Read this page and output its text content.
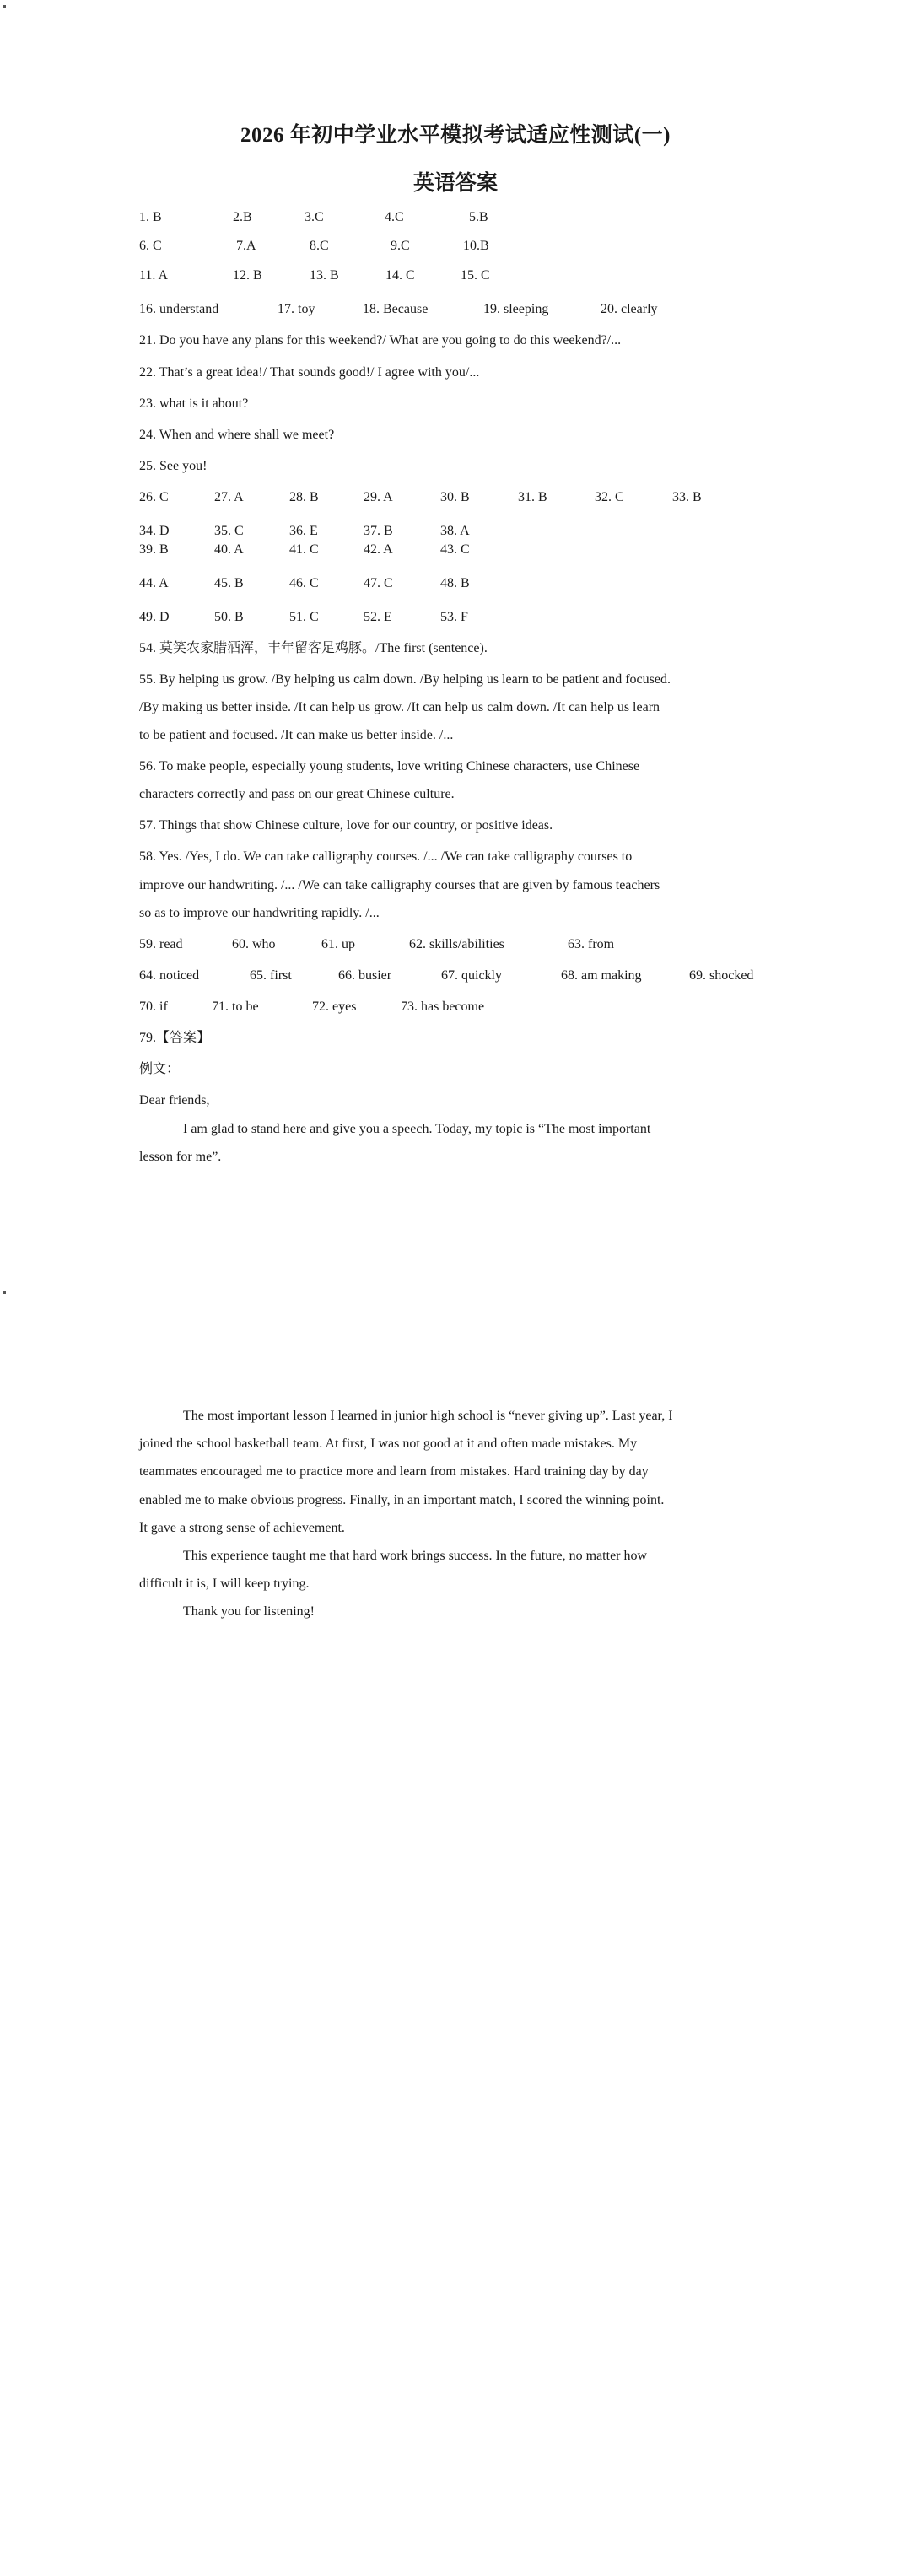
2026 年初中学业水平模拟考试适应性测试(一)
英语答案
1. B	2.B	3.C	4.C	5.B
6. C	7.A	8.C	9.C	10.B
11. A	12. B	13. B	14. C	15. C
16. understand	17. toy	18. Because	19. sleeping	20. clearly
21. Do you have any plans for this weekend?/ What are you going to do this weekend?/...
22. That’s a great idea!/ That sounds good!/ I agree with you/...
23. what is it about?
24. When and where shall we meet?
25. See you!
26. C	27. A	28. B	29. A	30. B	31. B	32. C	33. B
34. D	35. C	36. E	37. B	38. A
39. B	40. A	41. C	42. A	43. C
44. A	45. B	46. C	47. C	48. B
49. D	50. B	51. C	52. E	53. F
54. 莫笑农家腊酒浑，丰年留客足鸡豚。/The first (sentence).
55. By helping us grow. /By helping us calm down. /By helping us learn to be patient and focused.
/By making us better inside. /It can help us grow. /It can help us calm down. /It can help us learn
to be patient and focused. /It can make us better inside. /...
56. To make people, especially young students, love writing Chinese characters, use Chinese
characters correctly and pass on our great Chinese culture.
57. Things that show Chinese culture, love for our country, or positive ideas.
58. Yes. /Yes, I do. We can take calligraphy courses. /... /We can take calligraphy courses to
improve our handwriting. /... /We can take calligraphy courses that are given by famous teachers
so as to improve our handwriting rapidly. /...
59. read	60. who	61. up	62. skills/abilities	63. from
64. noticed	65. first	66. busier	67. quickly	68. am making	69. shocked
70. if	71. to be	72. eyes	73. has become
79.【答案】
例文：
Dear friends,
I am glad to stand here and give you a speech. Today, my topic is “The most important
lesson for me”.
The most important lesson I learned in junior high school is “never giving up”. Last year, I
joined the school basketball team. At first, I was not good at it and often made mistakes. My
teammates encouraged me to practice more and learn from mistakes. Hard training day by day
enabled me to make obvious progress. Finally, in an important match, I scored the winning point.
It gave a strong sense of achievement.
This experience taught me that hard work brings success. In the future, no matter how
difficult it is, I will keep trying.
Thank you for listening!
